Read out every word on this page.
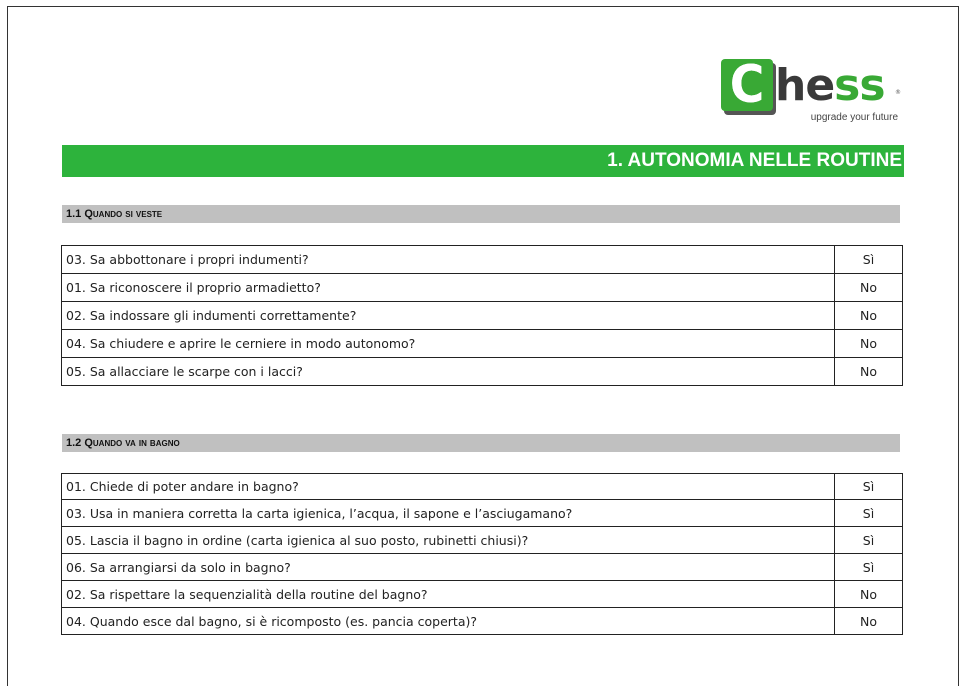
C hess ®
upgrade your future
1. AUTONOMIA NELLE ROUTINE
1.1 Quando si veste
03. Sa abbottonare i propri indumenti?	Sì
01. Sa riconoscere il proprio armadietto?	No
02. Sa indossare gli indumenti correttamente?	No
04. Sa chiudere e aprire le cerniere in modo autonomo?	No
05. Sa allacciare le scarpe con i lacci?	No
1.2 Quando va in bagno
01. Chiede di poter andare in bagno?	Sì
03. Usa in maniera corretta la carta igienica, l’acqua, il sapone e l’asciugamano?	Sì
05. Lascia il bagno in ordine (carta igienica al suo posto, rubinetti chiusi)?	Sì
06. Sa arrangiarsi da solo in bagno?	Sì
02. Sa rispettare la sequenzialità della routine del bagno?	No
04. Quando esce dal bagno, si è ricomposto (es. pancia coperta)?	No
